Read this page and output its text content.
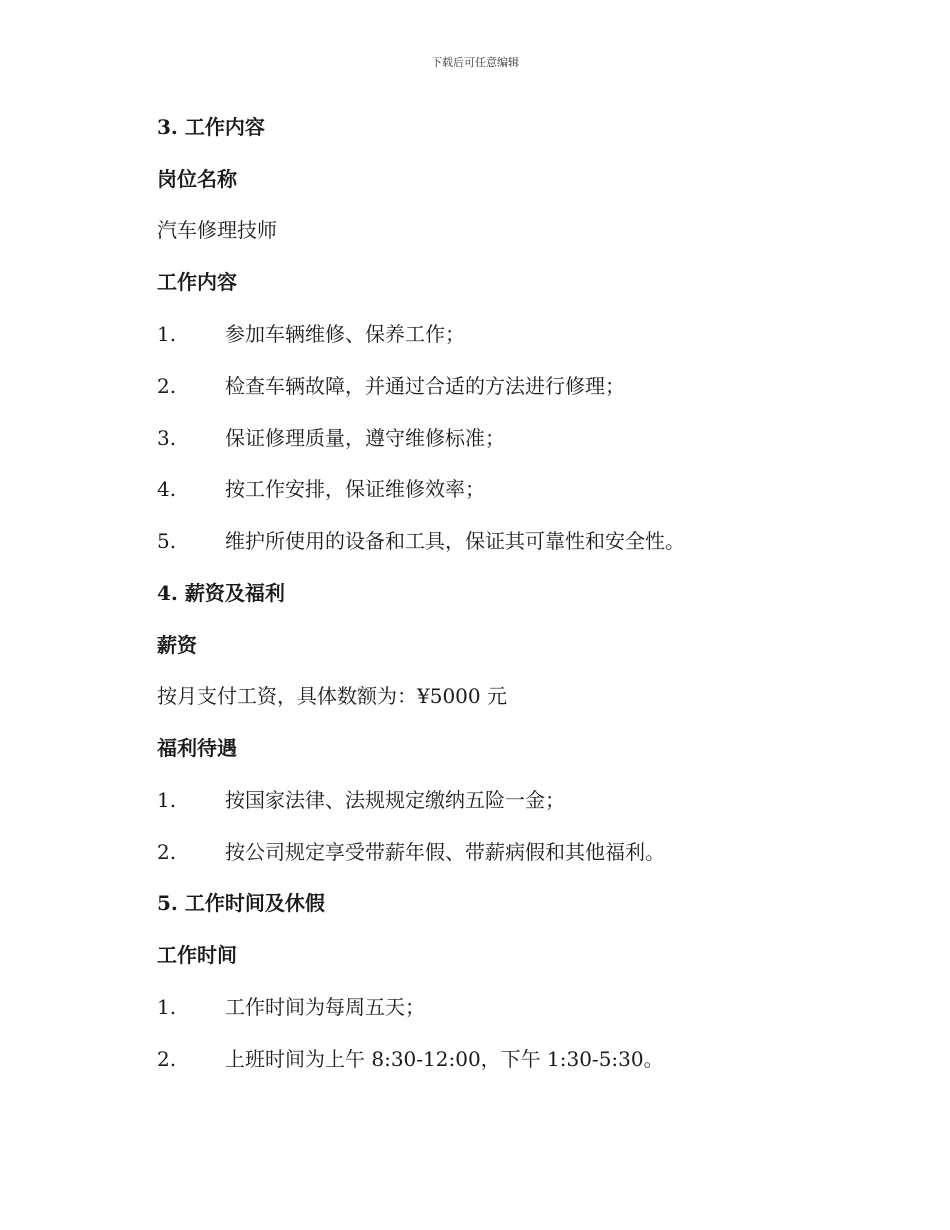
下载后可任意编辑
3. 工作内容
岗位名称
汽车修理技师
工作内容
1. 参加车辆维修、保养工作；
2. 检查车辆故障，并通过合适的方法进行修理；
3. 保证修理质量，遵守维修标准；
4. 按工作安排，保证维修效率；
5. 维护所使用的设备和工具，保证其可靠性和安全性。
4. 薪资及福利
薪资
按月支付工资，具体数额为：¥5000 元
福利待遇
1. 按国家法律、法规规定缴纳五险一金；
2. 按公司规定享受带薪年假、带薪病假和其他福利。
5. 工作时间及休假
工作时间
1. 工作时间为每周五天；
2. 上班时间为上午 8:30-12:00，下午 1:30-5:30。
